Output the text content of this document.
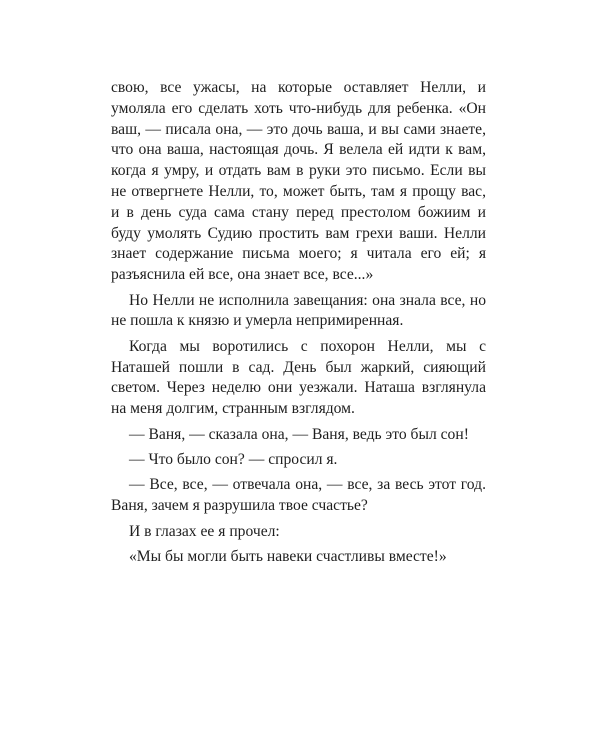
свою, все ужасы, на которые оставляет Нелли, и умоляла его сделать хоть что-нибудь для ребенка. «Он ваш, — писала она, — это дочь ваша, и вы сами знаете, что она ваша, настоящая дочь. Я велела ей идти к вам, когда я умру, и отдать вам в руки это письмо. Если вы не отвергнете Нелли, то, может быть, там я прощу вас, и в день суда сама стану перед престолом божиим и буду умолять Судию простить вам грехи ваши. Нелли знает содержание письма моего; я читала его ей; я разъяснила ей все, она знает все, все...»

Но Нелли не исполнила завещания: она знала все, но не пошла к князю и умерла непримиренная.

Когда мы воротились с похорон Нелли, мы с Наташей пошли в сад. День был жаркий, сияющий светом. Через неделю они уезжали. Наташа взглянула на меня долгим, странным взглядом.

— Ваня, — сказала она, — Ваня, ведь это был сон!

— Что было сон? — спросил я.

— Все, все, — отвечала она, — все, за весь этот год. Ваня, зачем я разрушила твое счастье?

И в глазах ее я прочел:

«Мы бы могли быть навеки счастливы вместе!»
